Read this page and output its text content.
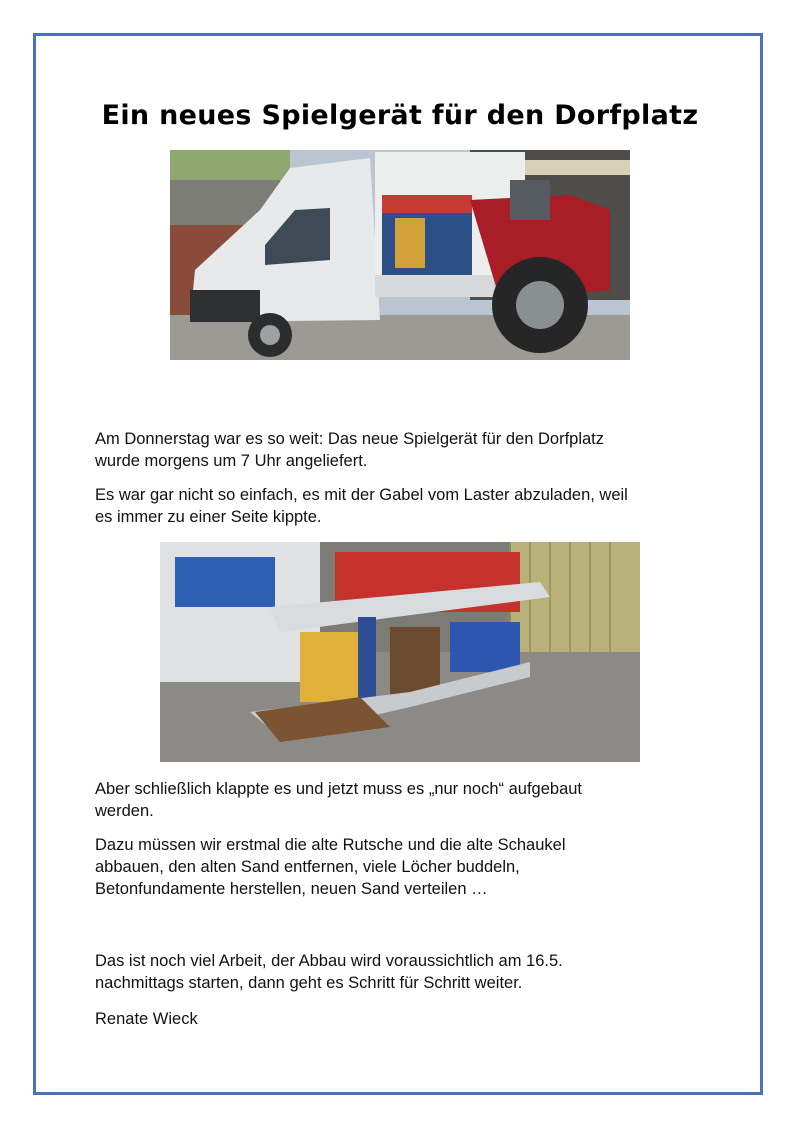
Ein neues Spielgerät für den Dorfplatz

Am Donnerstag war es so weit: Das neue Spielgerät für den Dorfplatz
wurde morgens um 7 Uhr angeliefert.

Es war gar nicht so einfach, es mit der Gabel vom Laster abzuladen, weil
es immer zu einer Seite kippte.

Aber schließlich klappte es und jetzt muss es „nur noch“ aufgebaut
werden.

Dazu müssen wir erstmal die alte Rutsche und die alte Schaukel
abbauen, den alten Sand entfernen, viele Löcher buddeln,
Betonfundamente herstellen, neuen Sand verteilen …

Das ist noch viel Arbeit, der Abbau wird voraussichtlich am 16.5.
nachmittags starten, dann geht es Schritt für Schritt weiter.

Renate Wieck
